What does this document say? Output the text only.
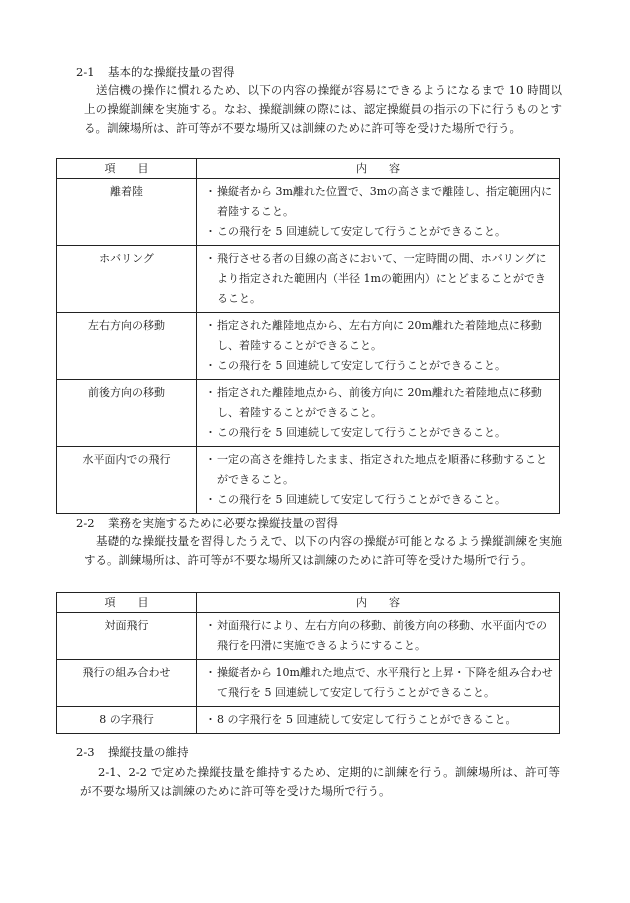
2-1 基本的な操縦技量の習得
送信機の操作に慣れるため、以下の内容の操縦が容易にできるようになるまで 10 時間以上の操縦訓練を実施する。なお、操縦訓練の際には、認定操縦員の指示の下に行うものとする。訓練場所は、許可等が不要な場所又は訓練のために許可等を受けた場所で行う。
項　　目	内　　容
離着陸	・操縦者から 3m離れた位置で、3mの高さまで離陸し、指定範囲内に着陸すること。
・この飛行を 5 回連続して安定して行うことができること。

ホバリング	・飛行させる者の目線の高さにおいて、一定時間の間、ホバリングにより指定された範囲内（半径 1mの範囲内）にとどまることができること。

左右方向の移動	・指定された離陸地点から、左右方向に 20m離れた着陸地点に移動し、着陸することができること。
・この飛行を 5 回連続して安定して行うことができること。

前後方向の移動	・指定された離陸地点から、前後方向に 20m離れた着陸地点に移動し、着陸することができること。
・この飛行を 5 回連続して安定して行うことができること。

水平面内での飛行	・一定の高さを維持したまま、指定された地点を順番に移動することができること。
・この飛行を 5 回連続して安定して行うことができること。
2-2 業務を実施するために必要な操縦技量の習得
基礎的な操縦技量を習得したうえで、以下の内容の操縦が可能となるよう操縦訓練を実施する。訓練場所は、許可等が不要な場所又は訓練のために許可等を受けた場所で行う。
項　　目	内　　容
対面飛行	・対面飛行により、左右方向の移動、前後方向の移動、水平面内での飛行を円滑に実施できるようにすること。

飛行の組み合わせ	・操縦者から 10m離れた地点で、水平飛行と上昇・下降を組み合わせて飛行を 5 回連続して安定して行うことができること。

8 の字飛行	・8 の字飛行を 5 回連続して安定して行うことができること。
2-3 操縦技量の維持
2-1、2-2 で定めた操縦技量を維持するため、定期的に訓練を行う。訓練場所は、許可等が不要な場所又は訓練のために許可等を受けた場所で行う。
